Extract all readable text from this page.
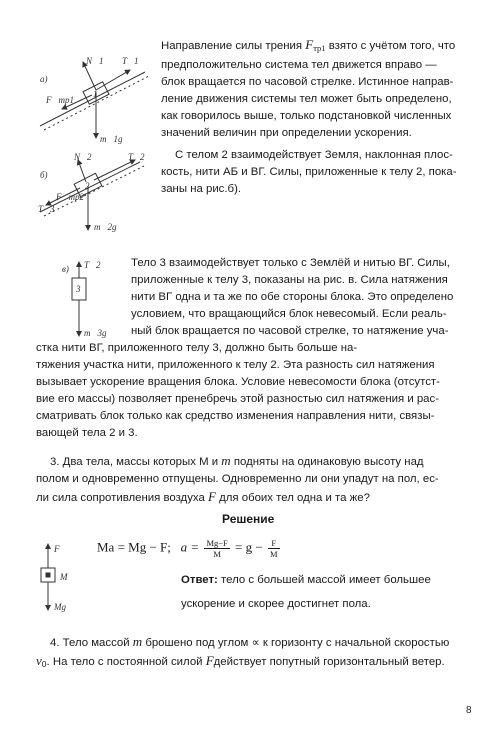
Направление силы трения $F_{тр1}$ взято с учётом того, что
предположительно система тел движется вправо —
блок вращается по часовой стрелке. Истинное направ-
ление движения системы тел может быть определено,
как говорилось выше, только подстановкой численных
значений величин при определении ускорения.
С телом 2 взаимодействует Земля, наклонная плос-
кость, нити АБ и ВГ. Силы, приложенные к телу 2, пока-
заны на рис.б).
Тело 3 взаимодействует только с Землёй и нитью ВГ. Силы,
приложенные к телу 3, показаны на рис. в. Сила натяжения
нити ВГ одна и та же по обе стороны блока. Это определено
условием, что вращающийся блок невесомый. Если реаль-
ный блок вращается по часовой стрелке, то натяжение уча-
стка нити ВГ, приложенного телу 3, должно быть больше на-
тяжения участка нити, приложенного к телу 2. Эта разность сил натяжения
вызывает ускорение вращения блока. Условие невесомости блока (отсутст-
вие его массы) позволяет пренебречь этой разностью сил натяжения и рас-
сматривать блок только как средство изменения направления нити, связы-
вающей тела 2 и 3.
3. Два тела, массы которых M и m подняты на одинаковую высоту над
полом и одновременно отпущены. Одновременно ли они упадут на пол, ес-
ли сила сопротивления воздуха F для обоих тел одна и та же?
Решение
Ma = Mg − F; $a = \frac{Mg-F}{M} = g - \frac{F}{M}$
Ответ: тело с большей массой имеет большее
ускорение и скорее достигнет пола.
4. Тело массой m брошено под углом ∝ к горизонту с начальной скоростью
$v_0$. На тело с постоянной силой Fдействует попутный горизонтальный ветер.
8
а)
N⃗1 T⃗1
F⃗тр1
m⃗1g
1
б)
N⃗2	T⃗2
T⃗3
F⃗тр2
m⃗2g
2
в) T⃗2
m⃗3g
3
F⃗
M
Mg⃗
